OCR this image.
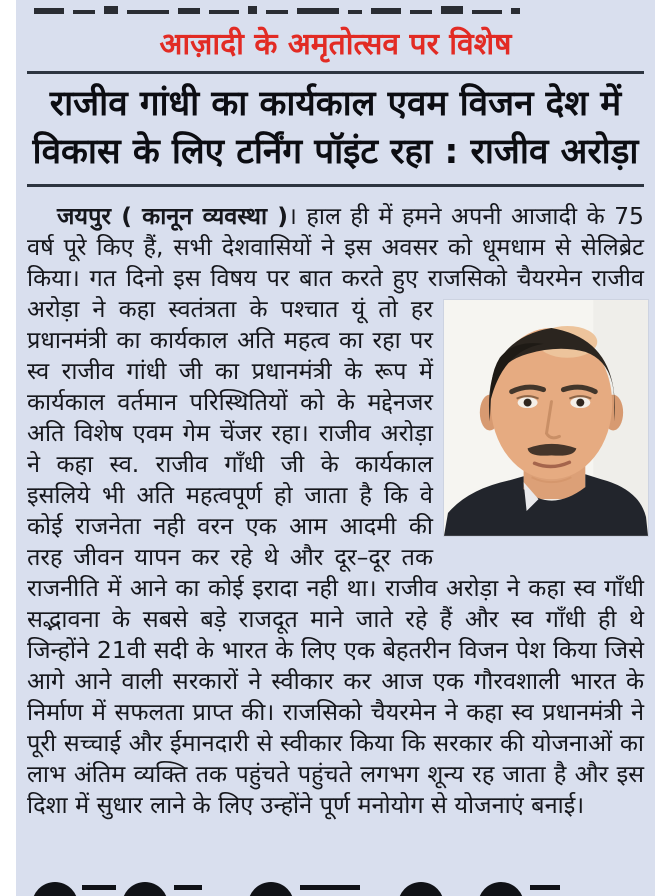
आज़ादी के अमृतोत्सव पर विशेष
राजीव गांधी का कार्यकाल एवम विजन देश में विकास के लिए टर्निंग पॉइंट रहा : राजीव अरोड़ा

जयपुर ( कानून व्यवस्था )। हाल ही में हमने अपनी आजादी के 75 वर्ष पूरे किए हैं, सभी देशवासियों ने इस अवसर को धूमधाम से सेलिब्रेट किया। गत दिनो इस विषय पर बात करते हुए राजसिको चैयरमेन राजीव अरोड़ा ने कहा स्वतंत्रता के पश्चात यूं तो हर प्रधानमंत्री का कार्यकाल अति महत्व का रहा पर स्व राजीव गांधी जी का प्रधानमंत्री के रूप में कार्यकाल वर्तमान परिस्थितियों को के मद्देनजर अति विशेष एवम गेम चेंजर रहा। राजीव अरोड़ा ने कहा स्व. राजीव गाँधी जी के कार्यकाल इसलिये भी अति महत्वपूर्ण हो जाता है कि वे कोई राजनेता नही वरन एक आम आदमी की तरह जीवन यापन कर रहे थे और दूर–दूर तक राजनीति में आने का कोई इरादा नही था। राजीव अरोड़ा ने कहा स्व गाँधी सद्भावना के सबसे बड़े राजदूत माने जाते रहे हैं और स्व गाँधी ही थे जिन्होंने 21वी सदी के भारत के लिए एक बेहतरीन विजन पेश किया जिसे आगे आने वाली सरकारों ने स्वीकार कर आज एक गौरवशाली भारत के निर्माण में सफलता प्राप्त की। राजसिको चैयरमेन ने कहा स्व प्रधानमंत्री ने पूरी सच्चाई और ईमानदारी से स्वीकार किया कि सरकार की योजनाओं का लाभ अंतिम व्यक्ति तक पहुंचते पहुंचते लगभग शून्य रह जाता है और इस दिशा में सुधार लाने के लिए उन्होंने पूर्ण मनोयोग से योजनाएं बनाई।
